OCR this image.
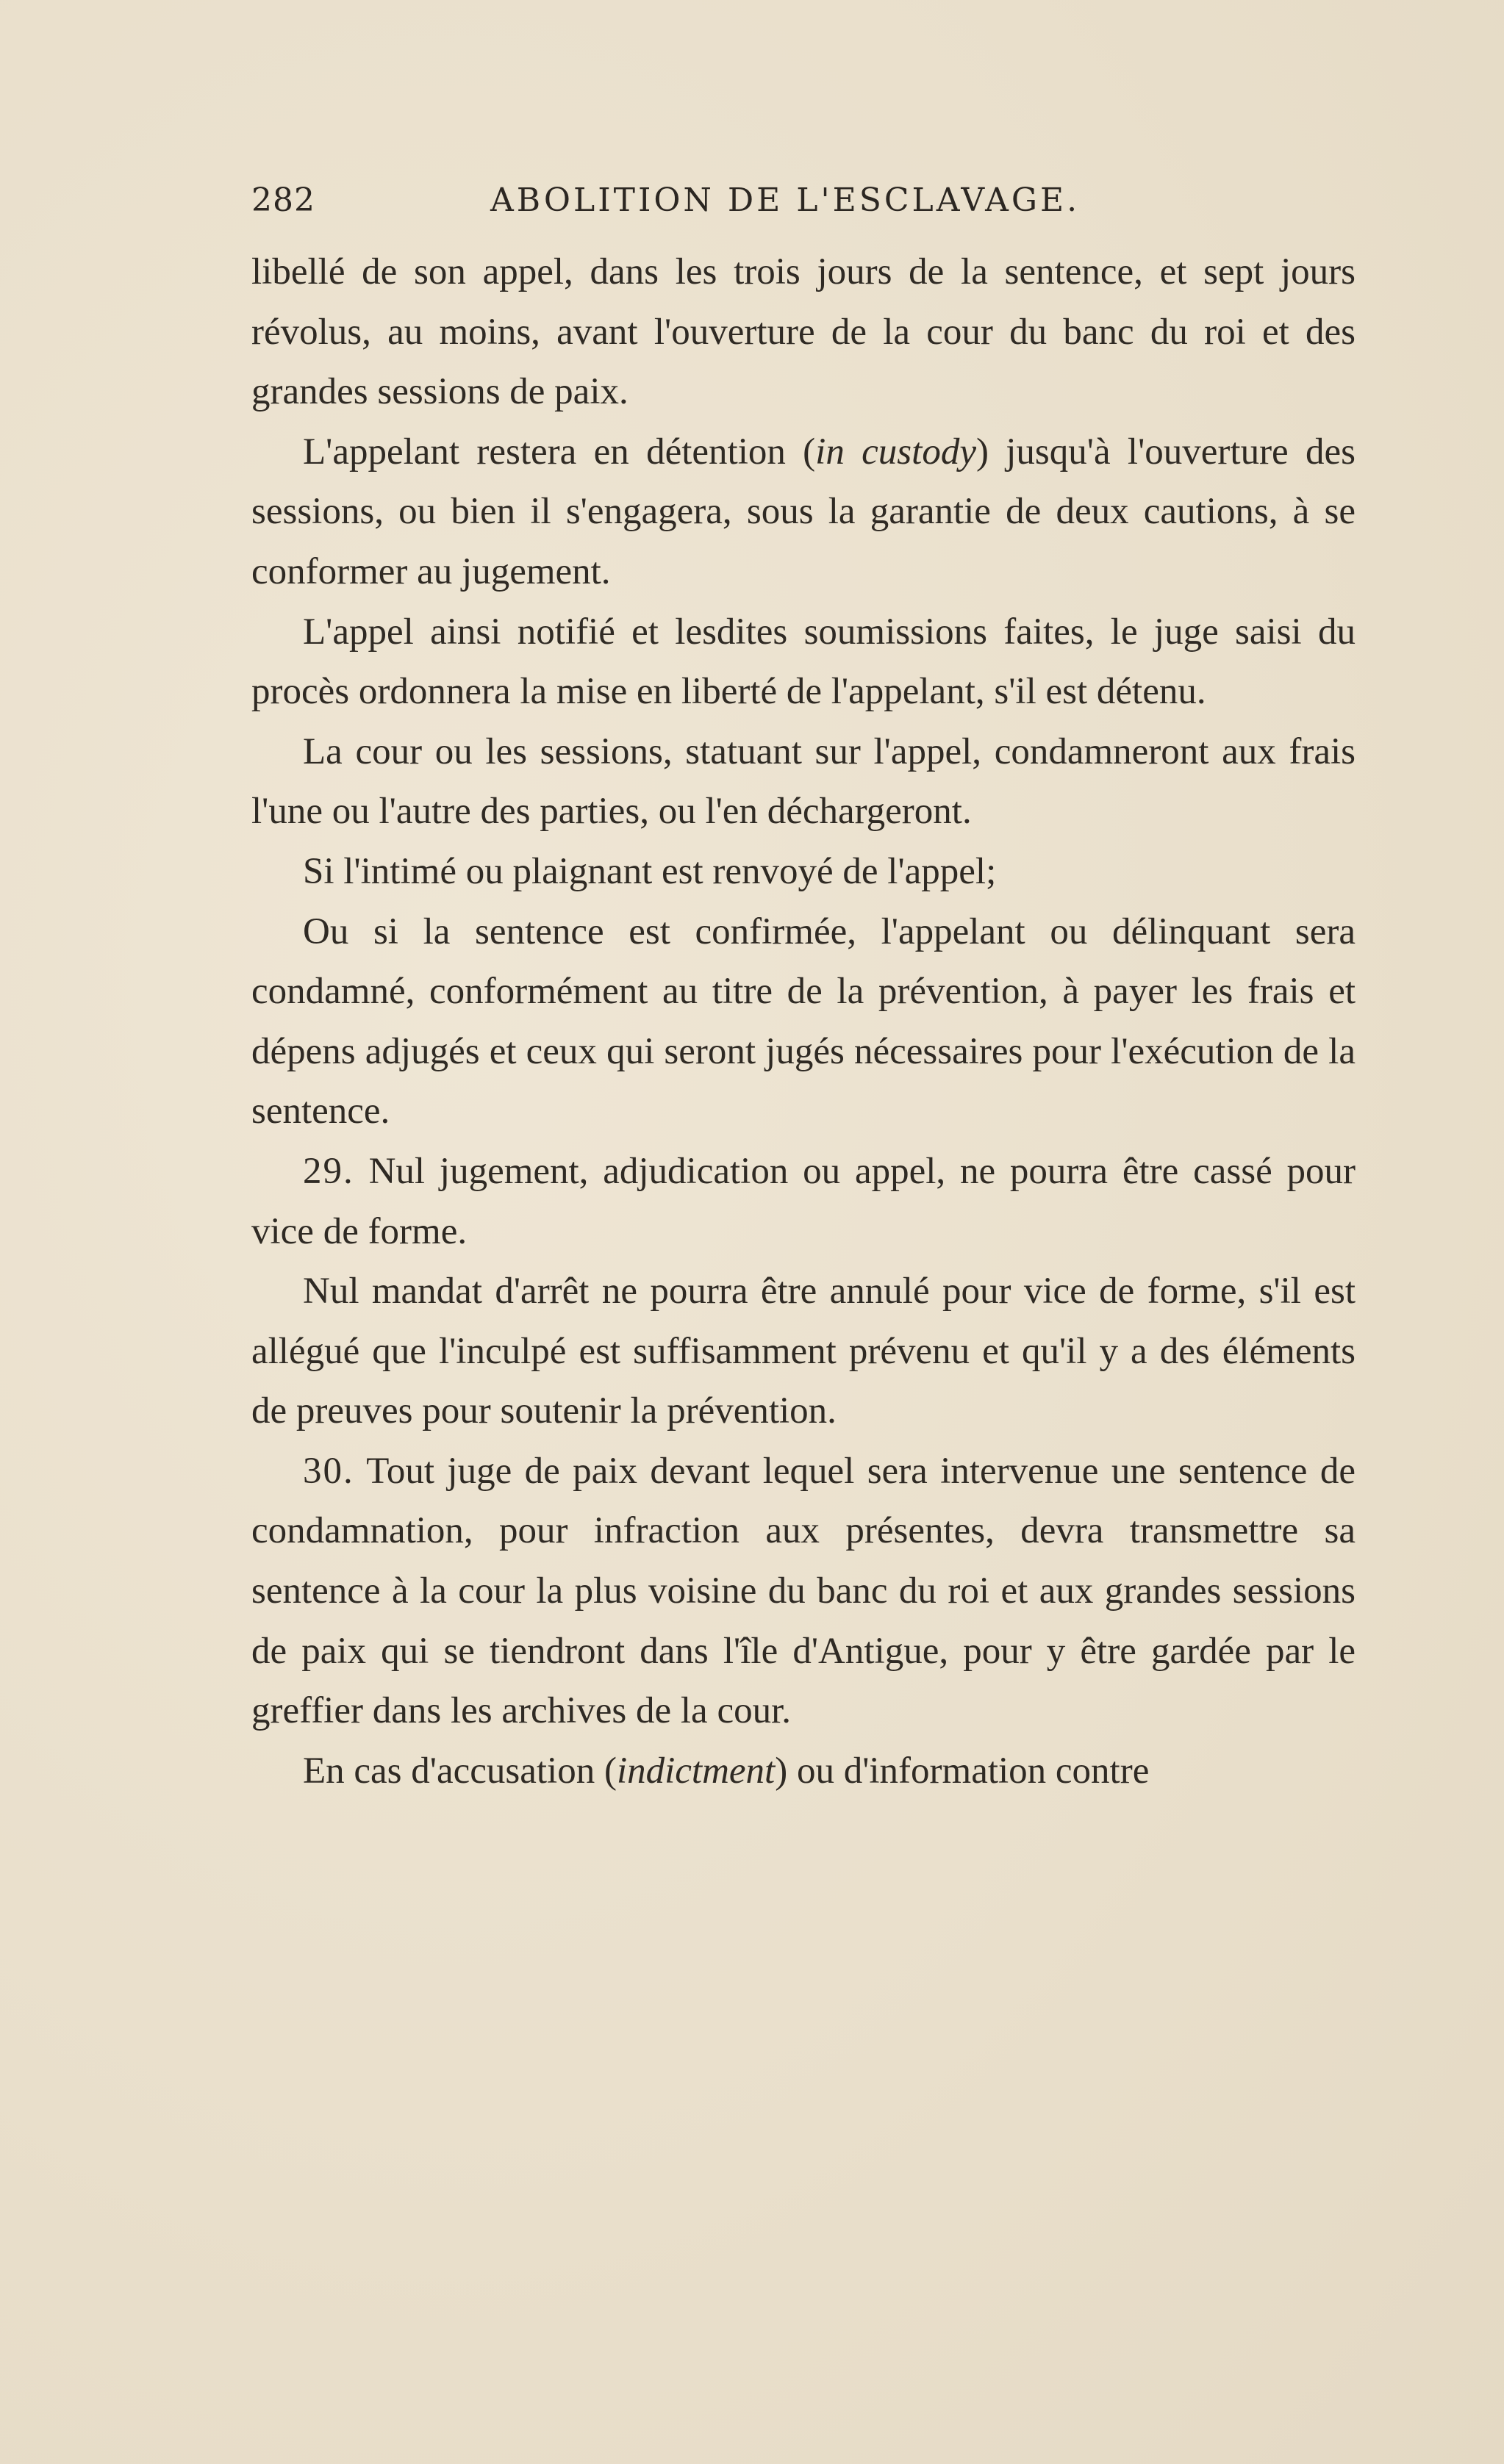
282	ABOLITION DE L'ESCLAVAGE.

libellé de son appel, dans les trois jours de la sentence, et sept jours révolus, au moins, avant l'ouverture de la cour du banc du roi et des grandes sessions de paix.

L'appelant restera en détention (in custody) jusqu'à l'ouverture des sessions, ou bien il s'engagera, sous la garantie de deux cautions, à se conformer au jugement.

L'appel ainsi notifié et lesdites soumissions faites, le juge saisi du procès ordonnera la mise en liberté de l'appelant, s'il est détenu.

La cour ou les sessions, statuant sur l'appel, condamneront aux frais l'une ou l'autre des parties, ou l'en déchargeront.

Si l'intimé ou plaignant est renvoyé de l'appel;

Ou si la sentence est confirmée, l'appelant ou délinquant sera condamné, conformément au titre de la prévention, à payer les frais et dépens adjugés et ceux qui seront jugés nécessaires pour l'exécution de la sentence.

29. Nul jugement, adjudication ou appel, ne pourra être cassé pour vice de forme.

Nul mandat d'arrêt ne pourra être annulé pour vice de forme, s'il est allégué que l'inculpé est suffisamment prévenu et qu'il y a des éléments de preuves pour soutenir la prévention.

30. Tout juge de paix devant lequel sera intervenue une sentence de condamnation, pour infraction aux présentes, devra transmettre sa sentence à la cour la plus voisine du banc du roi et aux grandes sessions de paix qui se tiendront dans l'île d'Antigue, pour y être gardée par le greffier dans les archives de la cour.

En cas d'accusation (indictment) ou d'information contre
